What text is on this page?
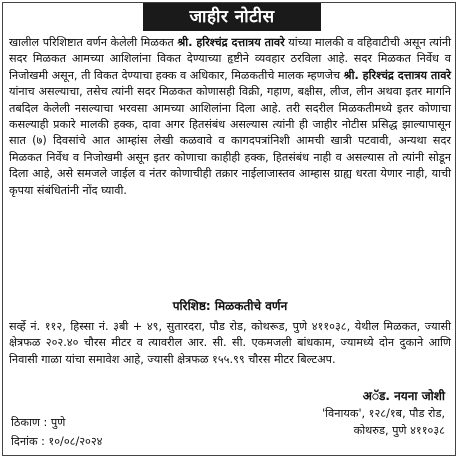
जाहीर नोटीस
खालील परिशिष्टात वर्णन केलेली मिळकत श्री. हरिश्चंद्र दत्तात्रय तावरे यांच्या मालकी व वहिवाटीची असून त्यांनी सदर मिळकत आमच्या आशिलांना विकत देण्याच्या हृष्टीने व्यवहार ठरविला आहे. सदर मिळकत निर्वेध व निजोखमी असून, ती विकत देण्याचा हक्क व अधिकार, मिळकतीचे मालक म्हणजेच श्री. हरिश्चंद्र दत्तात्रय तावरे यांनाच असल्याचा, तसेच त्यांनी सदर मिळकत कोणासही विक्री, गहाण, बक्षीस, लीज, लीन अथवा इतर मागनि तबदिल केलेली नसल्याचा भरवसा आमच्या आशिलांना दिला आहे. तरी सदरील मिळकतीमध्ये इतर कोणाचा कसल्याही प्रकारे मालकी हक्क, दावा अगर हितसंबंध असल्यास त्यांनी ही जाहीर नोटीस प्रसिद्ध झाल्यापासून सात (७) दिवसांचे आत आम्हांस लेखी कळवावे व कागदपत्रांनिशी आमची खात्री पटवावी, अन्यथा सदर मिळकत निर्वेध व निजोखमी असून इतर कोणाचा काहीही हक्क, हितसंबंध नाही व असल्यास तो त्यांनी सोडून दिला आहे, असे समजले जाईल व नंतर कोणाचीही तक्रार नाईलाजास्तव आम्हास ग्राह्य धरता येणार नाही, याची कृपया संबंधितांनी नोंद घ्यावी.
परिशिष्ठ: मिळकतीचे वर्णन
सर्व्हे नं. ११२, हिस्सा नं. ३बी + ४९, सुतारदरा, पौड रोड, कोथरूड, पुणे ४११०३८, येथील मिळकत, ज्यासी क्षेत्रफळ २०२.४० चौरस मीटर व त्यावरील आर. सी. सी. एकमजली बांधकाम, ज्यामध्ये दोन दुकाने आणि निवासी गाळा यांचा समावेश आहे, ज्यासी क्षेत्रफळ १५५.९९ चौरस मीटर बिल्टअप.
अॅड. नयना जोशी
'विनायक', १२८/१ब, पौड रोड,
कोथरुड, पुणे ४११०३८
ठिकाण : पुणे
दिनांक : १०/०८/२०२४
